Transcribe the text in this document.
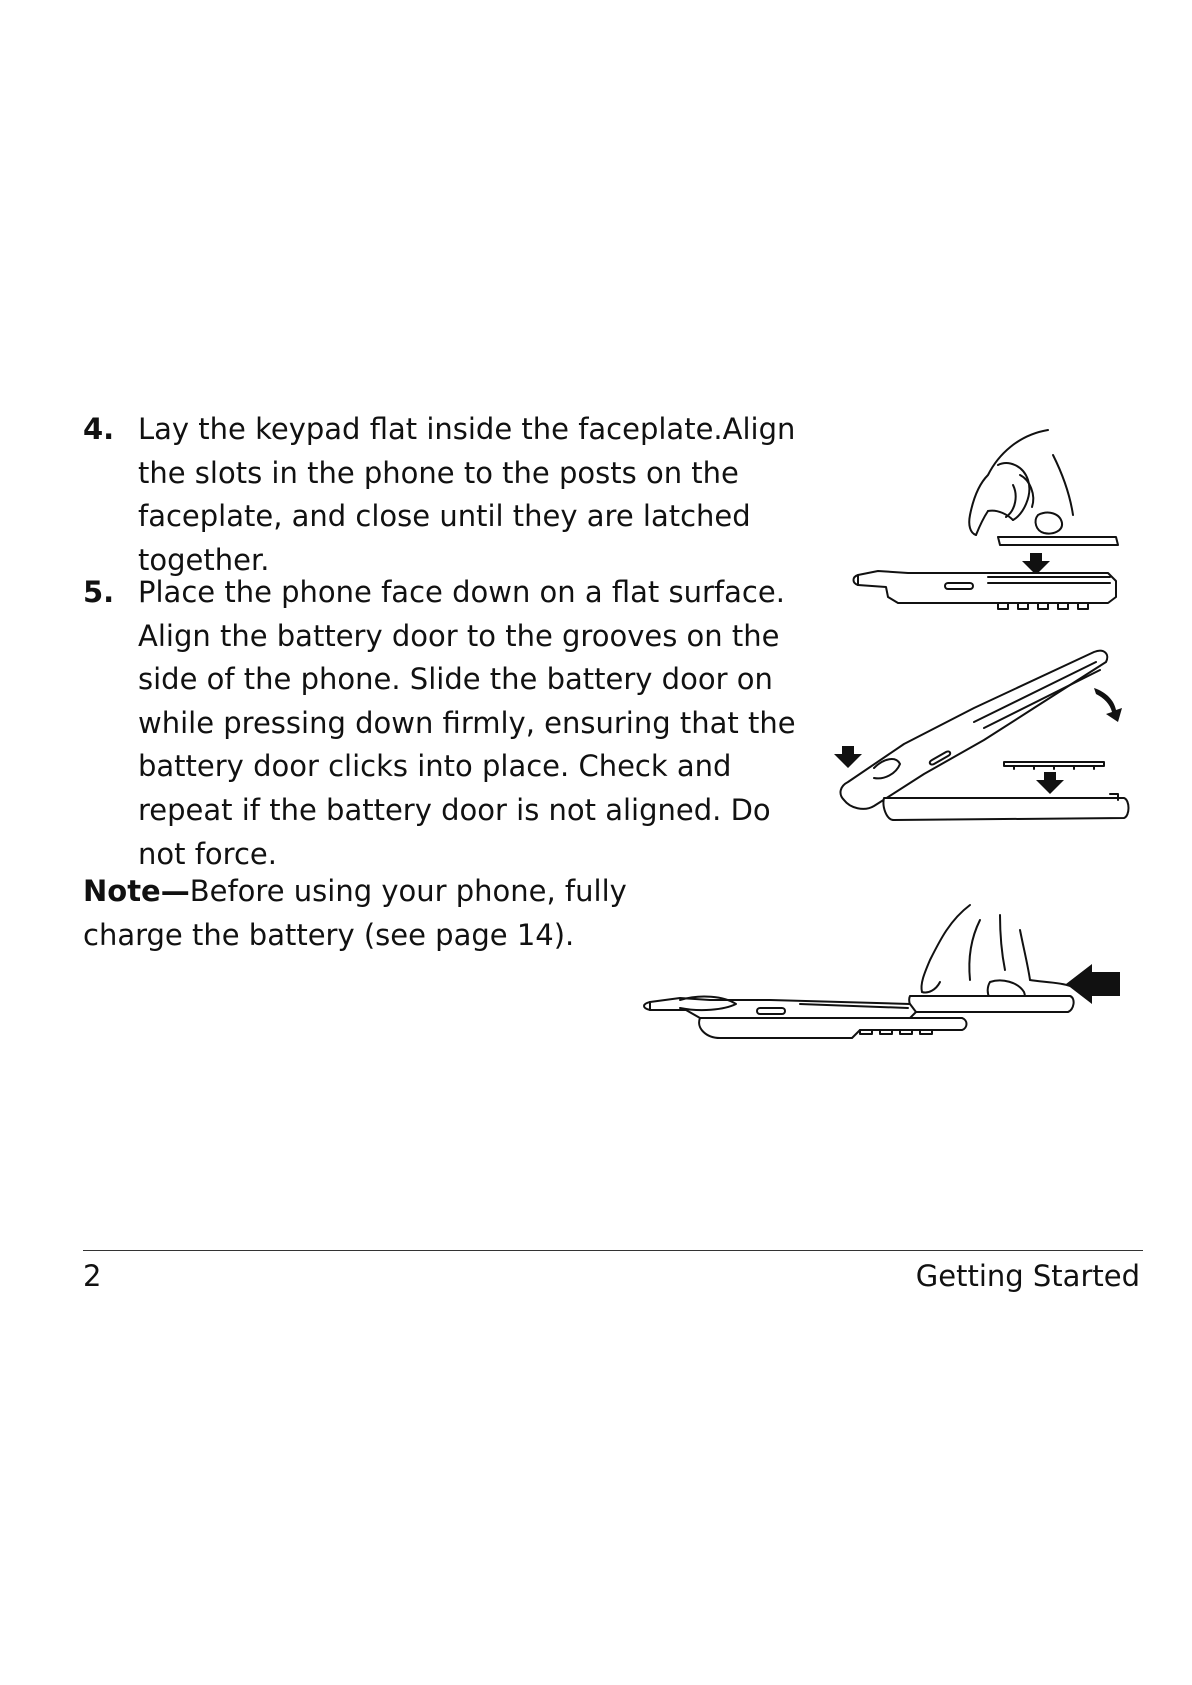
4. Lay the keypad flat inside the faceplate.Align the slots in the phone to the posts on the faceplate, and close until they are latched together.
5. Place the phone face down on a flat surface. Align the battery door to the grooves on the side of the phone. Slide the battery door on while pressing down firmly, ensuring that the battery door clicks into place. Check and repeat if the battery door is not aligned. Do not force.
Note—Before using your phone, fully charge the battery (see page 14).
2	Getting Started
